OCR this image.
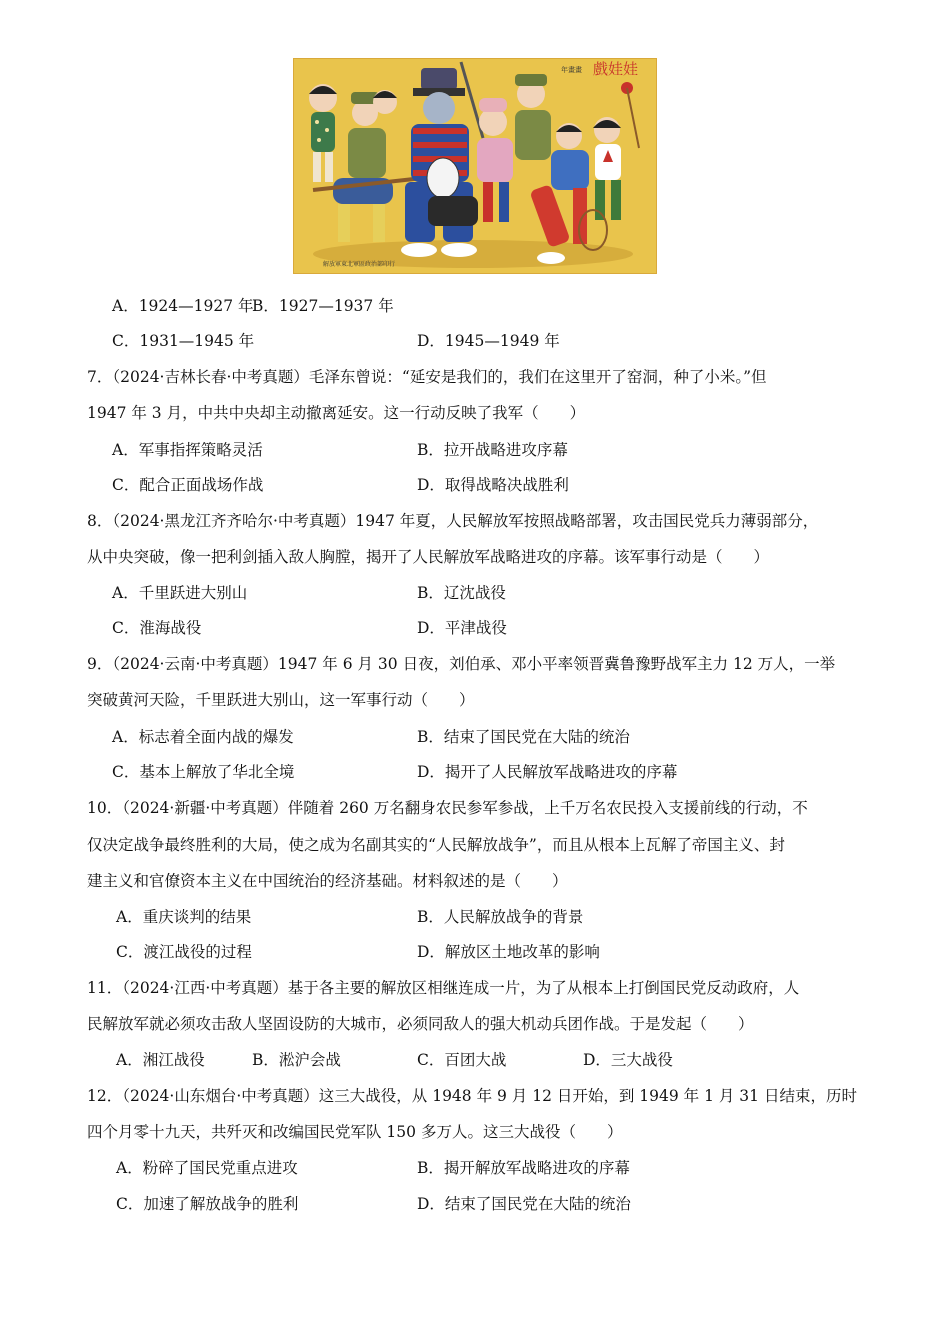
戲娃娃
年畫畫
解放軍東北軍區政治部印行
A．1924—1927 年
B．1927—1937 年
C．1931—1945 年	D．1945—1949 年
7．（2024·吉林长春·中考真题）毛泽东曾说：“延安是我们的，我们在这里开了窑洞，种了小米。”但
1947 年 3 月，中共中央却主动撤离延安。这一行动反映了我军（　　）
A．军事指挥策略灵活	B．拉开战略进攻序幕
C．配合正面战场作战	D．取得战略决战胜利
8．（2024·黑龙江齐齐哈尔·中考真题）1947 年夏，人民解放军按照战略部署，攻击国民党兵力薄弱部分，
从中央突破，像一把利剑插入敌人胸膛，揭开了人民解放军战略进攻的序幕。该军事行动是（　　）
A．千里跃进大别山	B．辽沈战役
C．淮海战役	D．平津战役
9．（2024·云南·中考真题）1947 年 6 月 30 日夜，刘伯承、邓小平率领晋冀鲁豫野战军主力 12 万人，一举
突破黄河天险，千里跃进大别山，这一军事行动（　　）
A．标志着全面内战的爆发	B．结束了国民党在大陆的统治
C．基本上解放了华北全境	D．揭开了人民解放军战略进攻的序幕
10．（2024·新疆·中考真题）伴随着 260 万名翻身农民参军参战，上千万名农民投入支援前线的行动，不
仅决定战争最终胜利的大局，使之成为名副其实的“人民解放战争”，而且从根本上瓦解了帝国主义、封
建主义和官僚资本主义在中国统治的经济基础。材料叙述的是（　　）
A．重庆谈判的结果	B．人民解放战争的背景
C．渡江战役的过程	D．解放区土地改革的影响
11．（2024·江西·中考真题）基于各主要的解放区相继连成一片，为了从根本上打倒国民党反动政府，人
民解放军就必须攻击敌人坚固设防的大城市，必须同敌人的强大机动兵团作战。于是发起（　　）
A．湘江战役	B．淞沪会战	C．百团大战	D．三大战役
12．（2024·山东烟台·中考真题）这三大战役，从 1948 年 9 月 12 日开始，到 1949 年 1 月 31 日结束，历时
四个月零十九天，共歼灭和改编国民党军队 150 多万人。这三大战役（　　）
A．粉碎了国民党重点进攻	B．揭开解放军战略进攻的序幕
C．加速了解放战争的胜利	D．结束了国民党在大陆的统治
